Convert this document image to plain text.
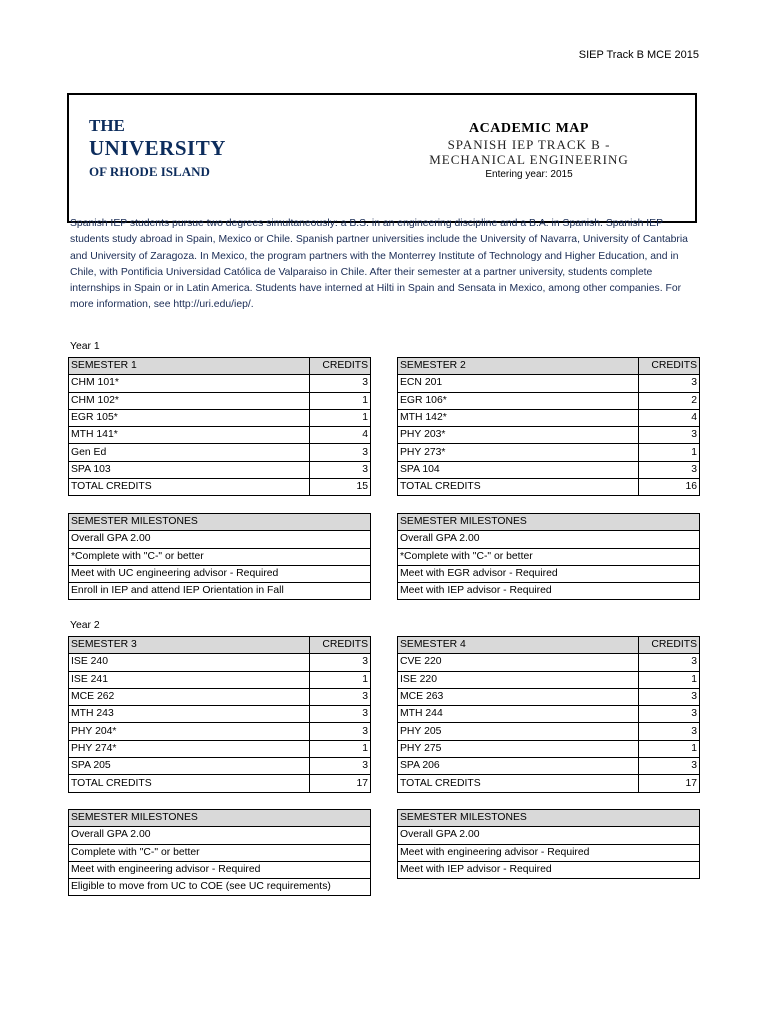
SIEP Track B MCE 2015
THE
UNIVERSITY
OF RHODE ISLAND
ACADEMIC MAP
SPANISH IEP TRACK B -
MECHANICAL ENGINEERING
Entering year: 2015
Spanish IEP students pursue two degrees simultaneously: a B.S. in an engineering discipline and a B.A. in Spanish. Spanish IEP students study abroad in Spain, Mexico or Chile. Spanish partner universities include the University of Navarra, University of Cantabria and University of Zaragoza. In Mexico, the program partners with the Monterrey Institute of Technology and Higher Education, and in Chile, with Pontificia Universidad Católica de Valparaiso in Chile. After their semester at a partner university, students complete internships in Spain or in Latin America. Students have interned at Hilti in Spain and Sensata in Mexico, among other companies. For more information, see http://uri.edu/iep/.
Year 1
SEMESTER 1	CREDITS
CHM 101*	3
CHM 102*	1
EGR 105*	1
MTH 141*	4
Gen Ed	3
SPA 103	3
TOTAL CREDITS	15
SEMESTER 2	CREDITS
ECN 201	3
EGR 106*	2
MTH 142*	4
PHY 203*	3
PHY 273*	1
SPA 104	3
TOTAL CREDITS	16
SEMESTER MILESTONES
Overall GPA 2.00
*Complete with "C-" or better
Meet with UC engineering advisor - Required
Enroll in IEP and attend IEP Orientation in Fall
SEMESTER MILESTONES
Overall GPA 2.00
*Complete with "C-" or better
Meet with EGR advisor - Required
Meet with IEP advisor - Required
Year 2
SEMESTER 3	CREDITS
ISE 240	3
ISE 241	1
MCE 262	3
MTH 243	3
PHY 204*	3
PHY 274*	1
SPA 205	3
TOTAL CREDITS	17
SEMESTER 4	CREDITS
CVE 220	3
ISE 220	1
MCE 263	3
MTH 244	3
PHY 205	3
PHY 275	1
SPA 206	3
TOTAL CREDITS	17
SEMESTER MILESTONES
Overall GPA 2.00
Complete with "C-" or better
Meet with engineering advisor - Required
Eligible to move from UC to COE (see UC requirements)
SEMESTER MILESTONES
Overall GPA 2.00
Meet with engineering advisor - Required
Meet with IEP advisor - Required
